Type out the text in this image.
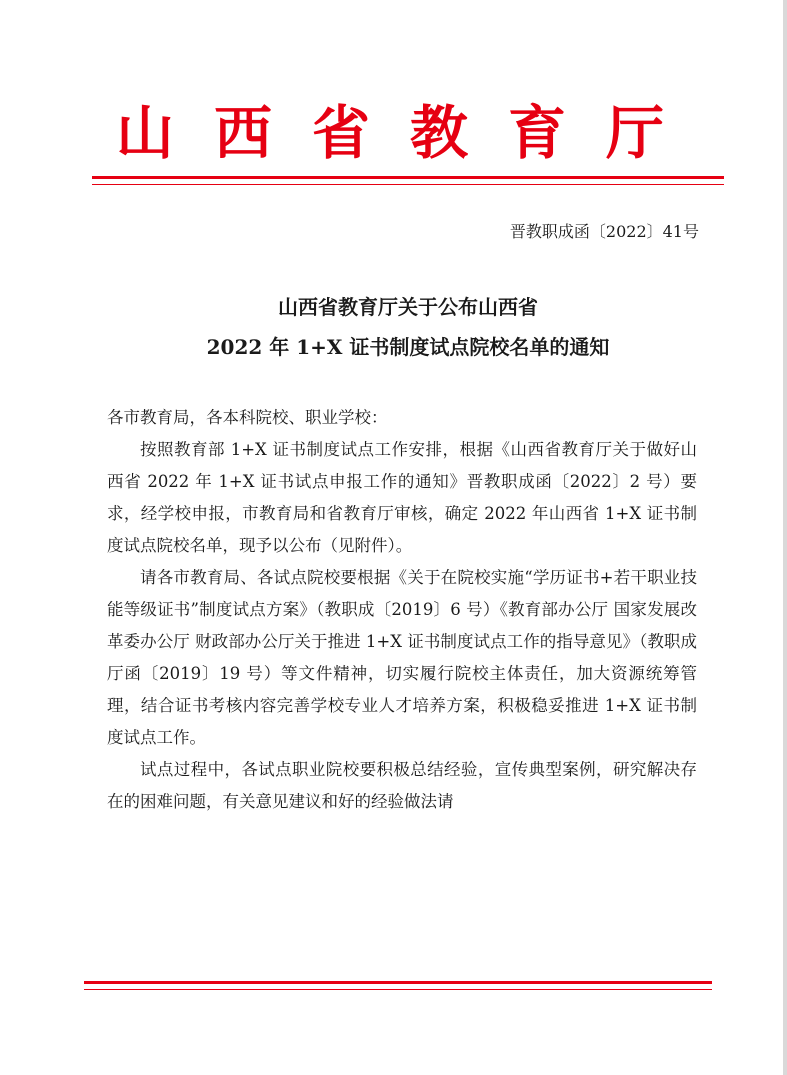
山西省教育厅
晋教职成函〔2022〕41号
山西省教育厅关于公布山西省
2022 年 1+X 证书制度试点院校名单的通知

各市教育局，各本科院校、职业学校：

按照教育部 1+X 证书制度试点工作安排，根据《山西省教育厅关于做好山西省 2022 年 1+X 证书试点申报工作的通知》晋教职成函〔2022〕2 号）要求，经学校申报，市教育局和省教育厅审核，确定 2022 年山西省 1+X 证书制度试点院校名单，现予以公布（见附件）。

请各市教育局、各试点院校要根据《关于在院校实施“学历证书+若干职业技能等级证书”制度试点方案》（教职成〔2019〕6 号）《教育部办公厅 国家发展改革委办公厅 财政部办公厅关于推进 1+X 证书制度试点工作的指导意见》（教职成厅函〔2019〕19 号）等文件精神，切实履行院校主体责任，加大资源统筹管理，结合证书考核内容完善学校专业人才培养方案，积极稳妥推进 1+X 证书制度试点工作。

试点过程中，各试点职业院校要积极总结经验，宣传典型案例，研究解决存在的困难问题，有关意见建议和好的经验做法请
